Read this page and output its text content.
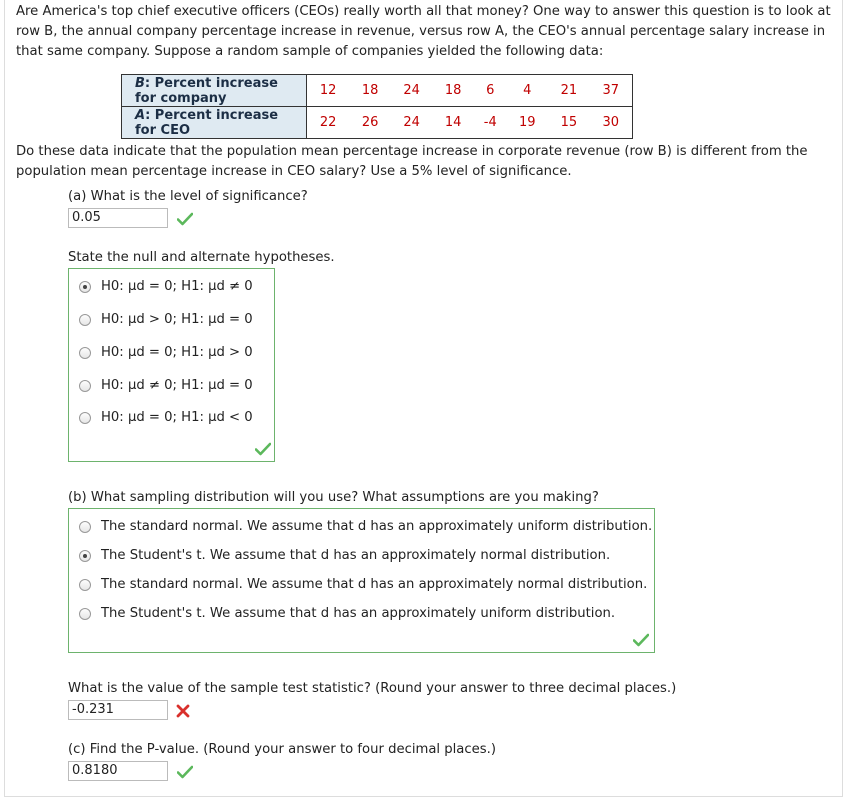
Are America's top chief executive officers (CEOs) really worth all that money? One way to answer this question is to look at row B, the annual company percentage increase in revenue, versus row A, the CEO's annual percentage salary increase in that same company. Suppose a random sample of companies yielded the following data:
B: Percent increase
for company	12	18	24	18	6	4	21	37
A: Percent increase
for CEO	22	26	24	14	-4	19	15	30
Do these data indicate that the population mean percentage increase in corporate revenue (row B) is different from the population mean percentage increase in CEO salary? Use a 5% level of significance.
(a) What is the level of significance?
0.05
State the null and alternate hypotheses.
H0: μd = 0; H1: μd ≠ 0
H0: μd > 0; H1: μd = 0
H0: μd = 0; H1: μd > 0
H0: μd ≠ 0; H1: μd = 0
H0: μd = 0; H1: μd < 0
(b) What sampling distribution will you use? What assumptions are you making?
The standard normal. We assume that d has an approximately uniform distribution.
The Student's t. We assume that d has an approximately normal distribution.
The standard normal. We assume that d has an approximately normal distribution.
The Student's t. We assume that d has an approximately uniform distribution.
What is the value of the sample test statistic? (Round your answer to three decimal places.)
-0.231
(c) Find the P-value. (Round your answer to four decimal places.)
0.8180
